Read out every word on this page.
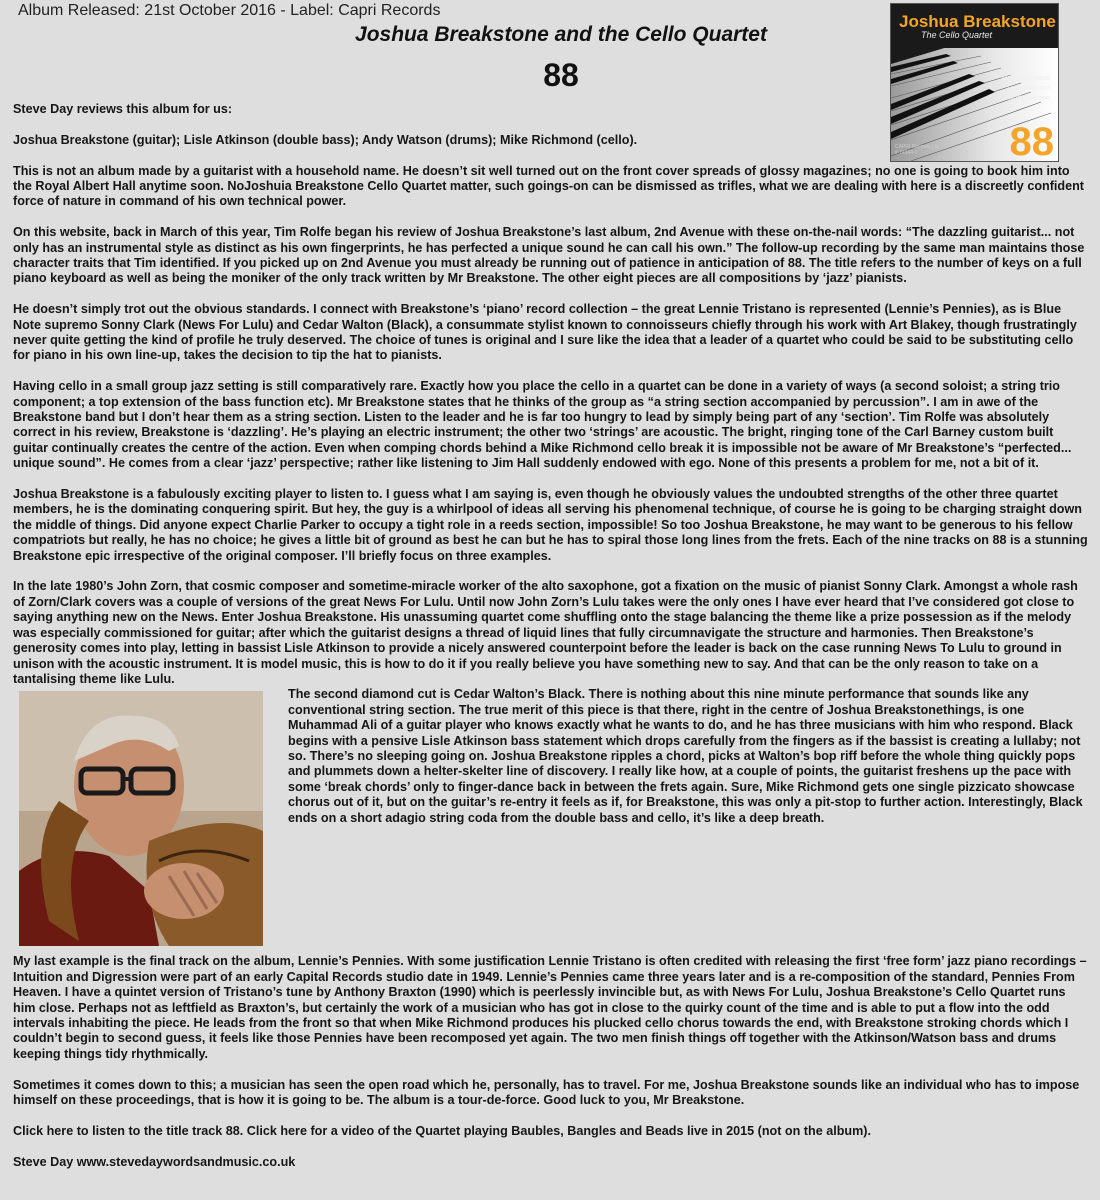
Album Released: 21st October 2016 - Label: Capri Records
Joshua Breakstone and the Cello Quartet
88
Joshua Breakstone
The Cello Quartet
Mike Richmond
Lisle Atkinson
Andy Watson
CAPRI Records Ltd
# 74144-2	88

Steve Day reviews this album for us:

Joshua Breakstone (guitar); Lisle Atkinson (double bass); Andy Watson (drums); Mike Richmond (cello).

This is not an album made by a guitarist with a household name. He doesn’t sit well turned out on the front cover spreads of glossy magazines; no one is going to book him into the Royal Albert Hall anytime soon. NoJoshuia Breakstone Cello Quartet matter, such goings-on can be dismissed as trifles, what we are dealing with here is a discreetly confident force of nature in command of his own technical power.

On this website, back in March of this year, Tim Rolfe began his review of Joshua Breakstone’s last album, 2nd Avenue with these on-the-nail words: “The dazzling guitarist... not only has an instrumental style as distinct as his own fingerprints, he has perfected a unique sound he can call his own.” The follow-up recording by the same man maintains those character traits that Tim identified. If you picked up on 2nd Avenue you must already be running out of patience in anticipation of 88. The title refers to the number of keys on a full piano keyboard as well as being the moniker of the only track written by Mr Breakstone. The other eight pieces are all compositions by ‘jazz’ pianists.

He doesn’t simply trot out the obvious standards. I connect with Breakstone’s ‘piano’ record collection – the great Lennie Tristano is represented (Lennie’s Pennies), as is Blue Note supremo Sonny Clark (News For Lulu) and Cedar Walton (Black), a consummate stylist known to connoisseurs chiefly through his work with Art Blakey, though frustratingly never quite getting the kind of profile he truly deserved. The choice of tunes is original and I sure like the idea that a leader of a quartet who could be said to be substituting cello for piano in his own line-up, takes the decision to tip the hat to pianists.

Having cello in a small group jazz setting is still comparatively rare. Exactly how you place the cello in a quartet can be done in a variety of ways (a second soloist; a string trio component; a top extension of the bass function etc). Mr Breakstone states that he thinks of the group as “a string section accompanied by percussion”. I am in awe of the Breakstone band but I don’t hear them as a string section. Listen to the leader and he is far too hungry to lead by simply being part of any ‘section’. Tim Rolfe was absolutely correct in his review, Breakstone is ‘dazzling’. He’s playing an electric instrument; the other two ‘strings’ are acoustic. The bright, ringing tone of the Carl Barney custom built guitar continually creates the centre of the action. Even when comping chords behind a Mike Richmond cello break it is impossible not be aware of Mr Breakstone’s “perfected... unique sound”. He comes from a clear ‘jazz’ perspective; rather like listening to Jim Hall suddenly endowed with ego. None of this presents a problem for me, not a bit of it.

Joshua Breakstone is a fabulously exciting player to listen to. I guess what I am saying is, even though he obviously values the undoubted strengths of the other three quartet members, he is the dominating conquering spirit. But hey, the guy is a whirlpool of ideas all serving his phenomenal technique, of course he is going to be charging straight down the middle of things. Did anyone expect Charlie Parker to occupy a tight role in a reeds section, impossible! So too Joshua Breakstone, he may want to be generous to his fellow compatriots but really, he has no choice; he gives a little bit of ground as best he can but he has to spiral those long lines from the frets. Each of the nine tracks on 88 is a stunning Breakstone epic irrespective of the original composer. I’ll briefly focus on three examples.

In the late 1980’s John Zorn, that cosmic composer and sometime-miracle worker of the alto saxophone, got a fixation on the music of pianist Sonny Clark. Amongst a whole rash of Zorn/Clark covers was a couple of versions of the great News For Lulu. Until now John Zorn’s Lulu takes were the only ones I have ever heard that I’ve considered got close to saying anything new on the News. Enter Joshua Breakstone. His unassuming quartet come shuffling onto the stage balancing the theme like a prize possession as if the melody was especially commissioned for guitar; after which the guitarist designs a thread of liquid lines that fully circumnavigate the structure and harmonies. Then Breakstone’s generosity comes into play, letting in bassist Lisle Atkinson to provide a nicely answered counterpoint before the leader is back on the case running News To Lulu to ground in unison with the acoustic instrument. It is model music, this is how to do it if you really believe you have something new to say. And that can be the only reason to take on a tantalising theme like Lulu.

The second diamond cut is Cedar Walton’s Black. There is nothing about this nine minute performance that sounds like any conventional string section. The true merit of this piece is that there, right in the centre of Joshua Breakstonethings, is one Muhammad Ali of a guitar player who knows exactly what he wants to do, and he has three musicians with him who respond. Black begins with a pensive Lisle Atkinson bass statement which drops carefully from the fingers as if the bassist is creating a lullaby; not so. There’s no sleeping going on. Joshua Breakstone ripples a chord, picks at Walton’s bop riff before the whole thing quickly pops and plummets down a helter-skelter line of discovery. I really like how, at a couple of points, the guitarist freshens up the pace with some ‘break chords’ only to finger-dance back in between the frets again. Sure, Mike Richmond gets one single pizzicato showcase chorus out of it, but on the guitar’s re-entry it feels as if, for Breakstone, this was only a pit-stop to further action. Interestingly, Black ends on a short adagio string coda from the double bass and cello, it’s like a deep breath.

My last example is the final track on the album, Lennie’s Pennies. With some justification Lennie Tristano is often credited with releasing the first ‘free form’ jazz piano recordings – Intuition and Digression were part of an early Capital Records studio date in 1949. Lennie’s Pennies came three years later and is a re-composition of the standard, Pennies From Heaven. I have a quintet version of Tristano’s tune by Anthony Braxton (1990) which is peerlessly invincible but, as with News For Lulu, Joshua Breakstone’s Cello Quartet runs him close. Perhaps not as leftfield as Braxton’s, but certainly the work of a musician who has got in close to the quirky count of the time and is able to put a flow into the odd intervals inhabiting the piece. He leads from the front so that when Mike Richmond produces his plucked cello chorus towards the end, with Breakstone stroking chords which I couldn’t begin to second guess, it feels like those Pennies have been recomposed yet again. The two men finish things off together with the Atkinson/Watson bass and drums keeping things tidy rhythmically.

Sometimes it comes down to this; a musician has seen the open road which he, personally, has to travel. For me, Joshua Breakstone sounds like an individual who has to impose himself on these proceedings, that is how it is going to be. The album is a tour-de-force. Good luck to you, Mr Breakstone.

Click here to listen to the title track 88. Click here for a video of the Quartet playing Baubles, Bangles and Beads live in 2015 (not on the album).

Steve Day www.stevedaywordsandmusic.co.uk
